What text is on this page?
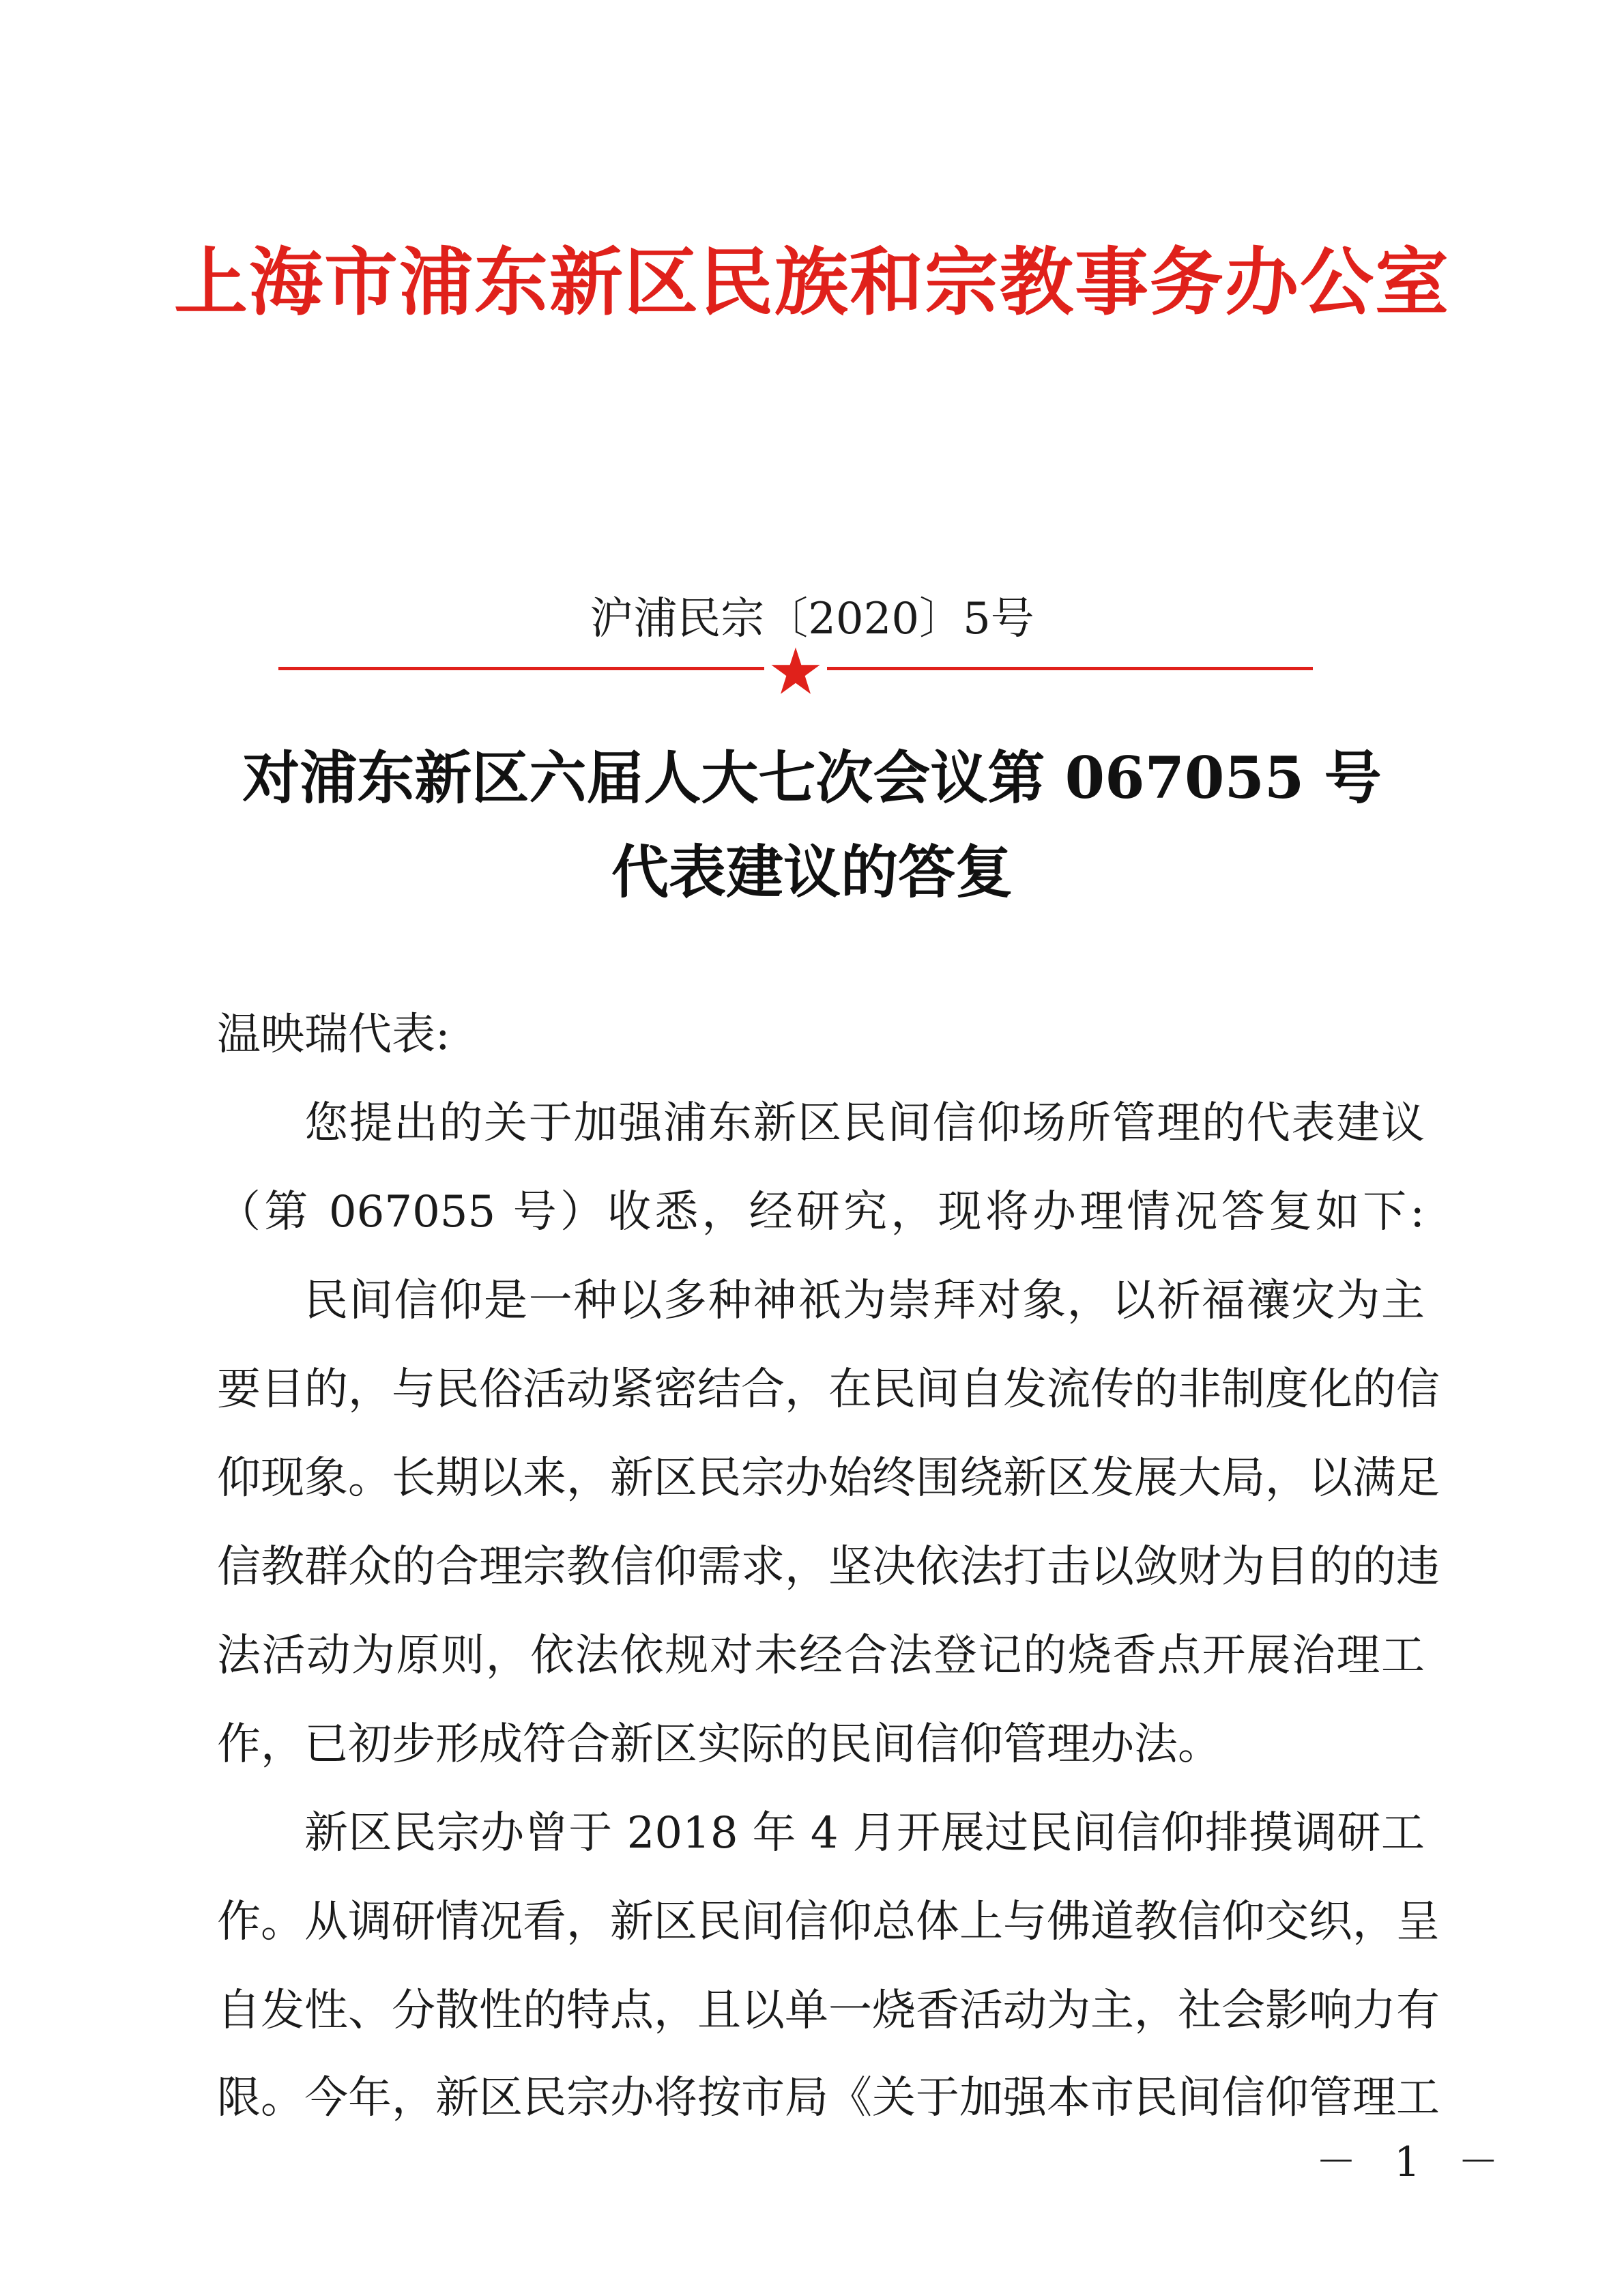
上海市浦东新区民族和宗教事务办公室
沪浦民宗〔2020〕5号
对浦东新区六届人大七次会议第 067055 号
代表建议的答复
温映瑞代表:
您提出的关于加强浦东新区民间信仰场所管理的代表建议
（第 067055 号）收悉，经研究，现将办理情况答复如下:
民间信仰是一种以多种神祇为崇拜对象，以祈福禳灾为主
要目的，与民俗活动紧密结合，在民间自发流传的非制度化的信
仰现象。长期以来，新区民宗办始终围绕新区发展大局，以满足
信教群众的合理宗教信仰需求，坚决依法打击以敛财为目的的违
法活动为原则，依法依规对未经合法登记的烧香点开展治理工
作，已初步形成符合新区实际的民间信仰管理办法。
新区民宗办曾于 2018 年 4 月开展过民间信仰排摸调研工
作。从调研情况看，新区民间信仰总体上与佛道教信仰交织，呈
自发性、分散性的特点，且以单一烧香活动为主，社会影响力有
限。今年，新区民宗办将按市局《关于加强本市民间信仰管理工
－ 1 －
